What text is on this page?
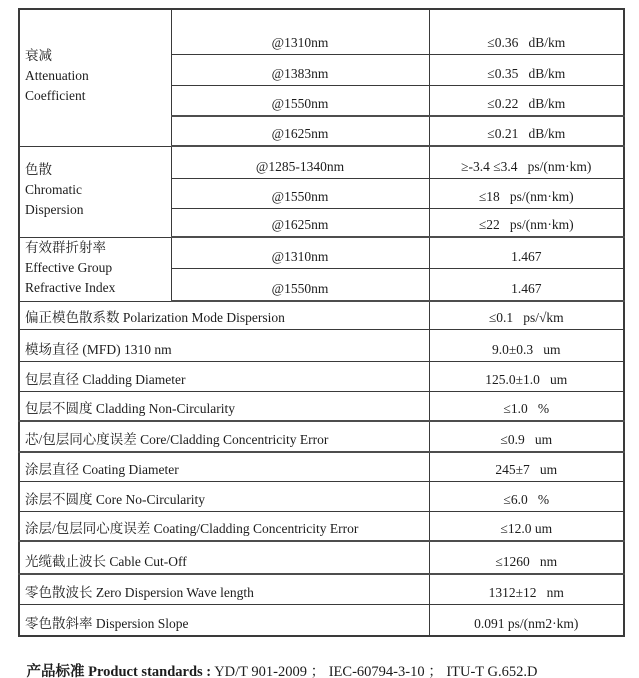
衰减
Attenuation
Coefficient	@1310nm	≤0.36   dB/km
	@1383nm	≤0.35   dB/km
	@1550nm	≤0.22   dB/km
	@1625nm	≤0.21   dB/km

色散
Chromatic
Dispersion	@1285-1340nm	≥-3.4 ≤3.4   ps/(nm·km)
	@1550nm	≤18   ps/(nm·km)
	@1625nm	≤22   ps/(nm·km)

有效群折射率
Effective Group
Refractive Index	@1310nm	1.467
	@1550nm	1.467
偏正模色散系数 Polarization Mode Dispersion		≤0.1   ps/√km
模场直径 (MFD) 1310 nm		9.0±0.3   um
包层直径 Cladding Diameter		125.0±1.0   um
包层不圆度 Cladding Non-Circularity		≤1.0   %
芯/包层同心度误差 Core/Cladding Concentricity Error		≤0.9   um
涂层直径 Coating Diameter		245±7   um
涂层不圆度 Core No-Circularity		≤6.0   %
涂层/包层同心度误差 Coating/Cladding Concentricity Error		≤12.0 um
光缆截止波长 Cable Cut-Off		≤1260   nm
零色散波长 Zero Dispersion Wave length		1312±12   nm
零色散斜率 Dispersion Slope		0.091 ps/(nm2·km)

产品标准 Product standards : YD/T 901-2009 ； IEC-60794-3-10 ； ITU-T G.652.D
